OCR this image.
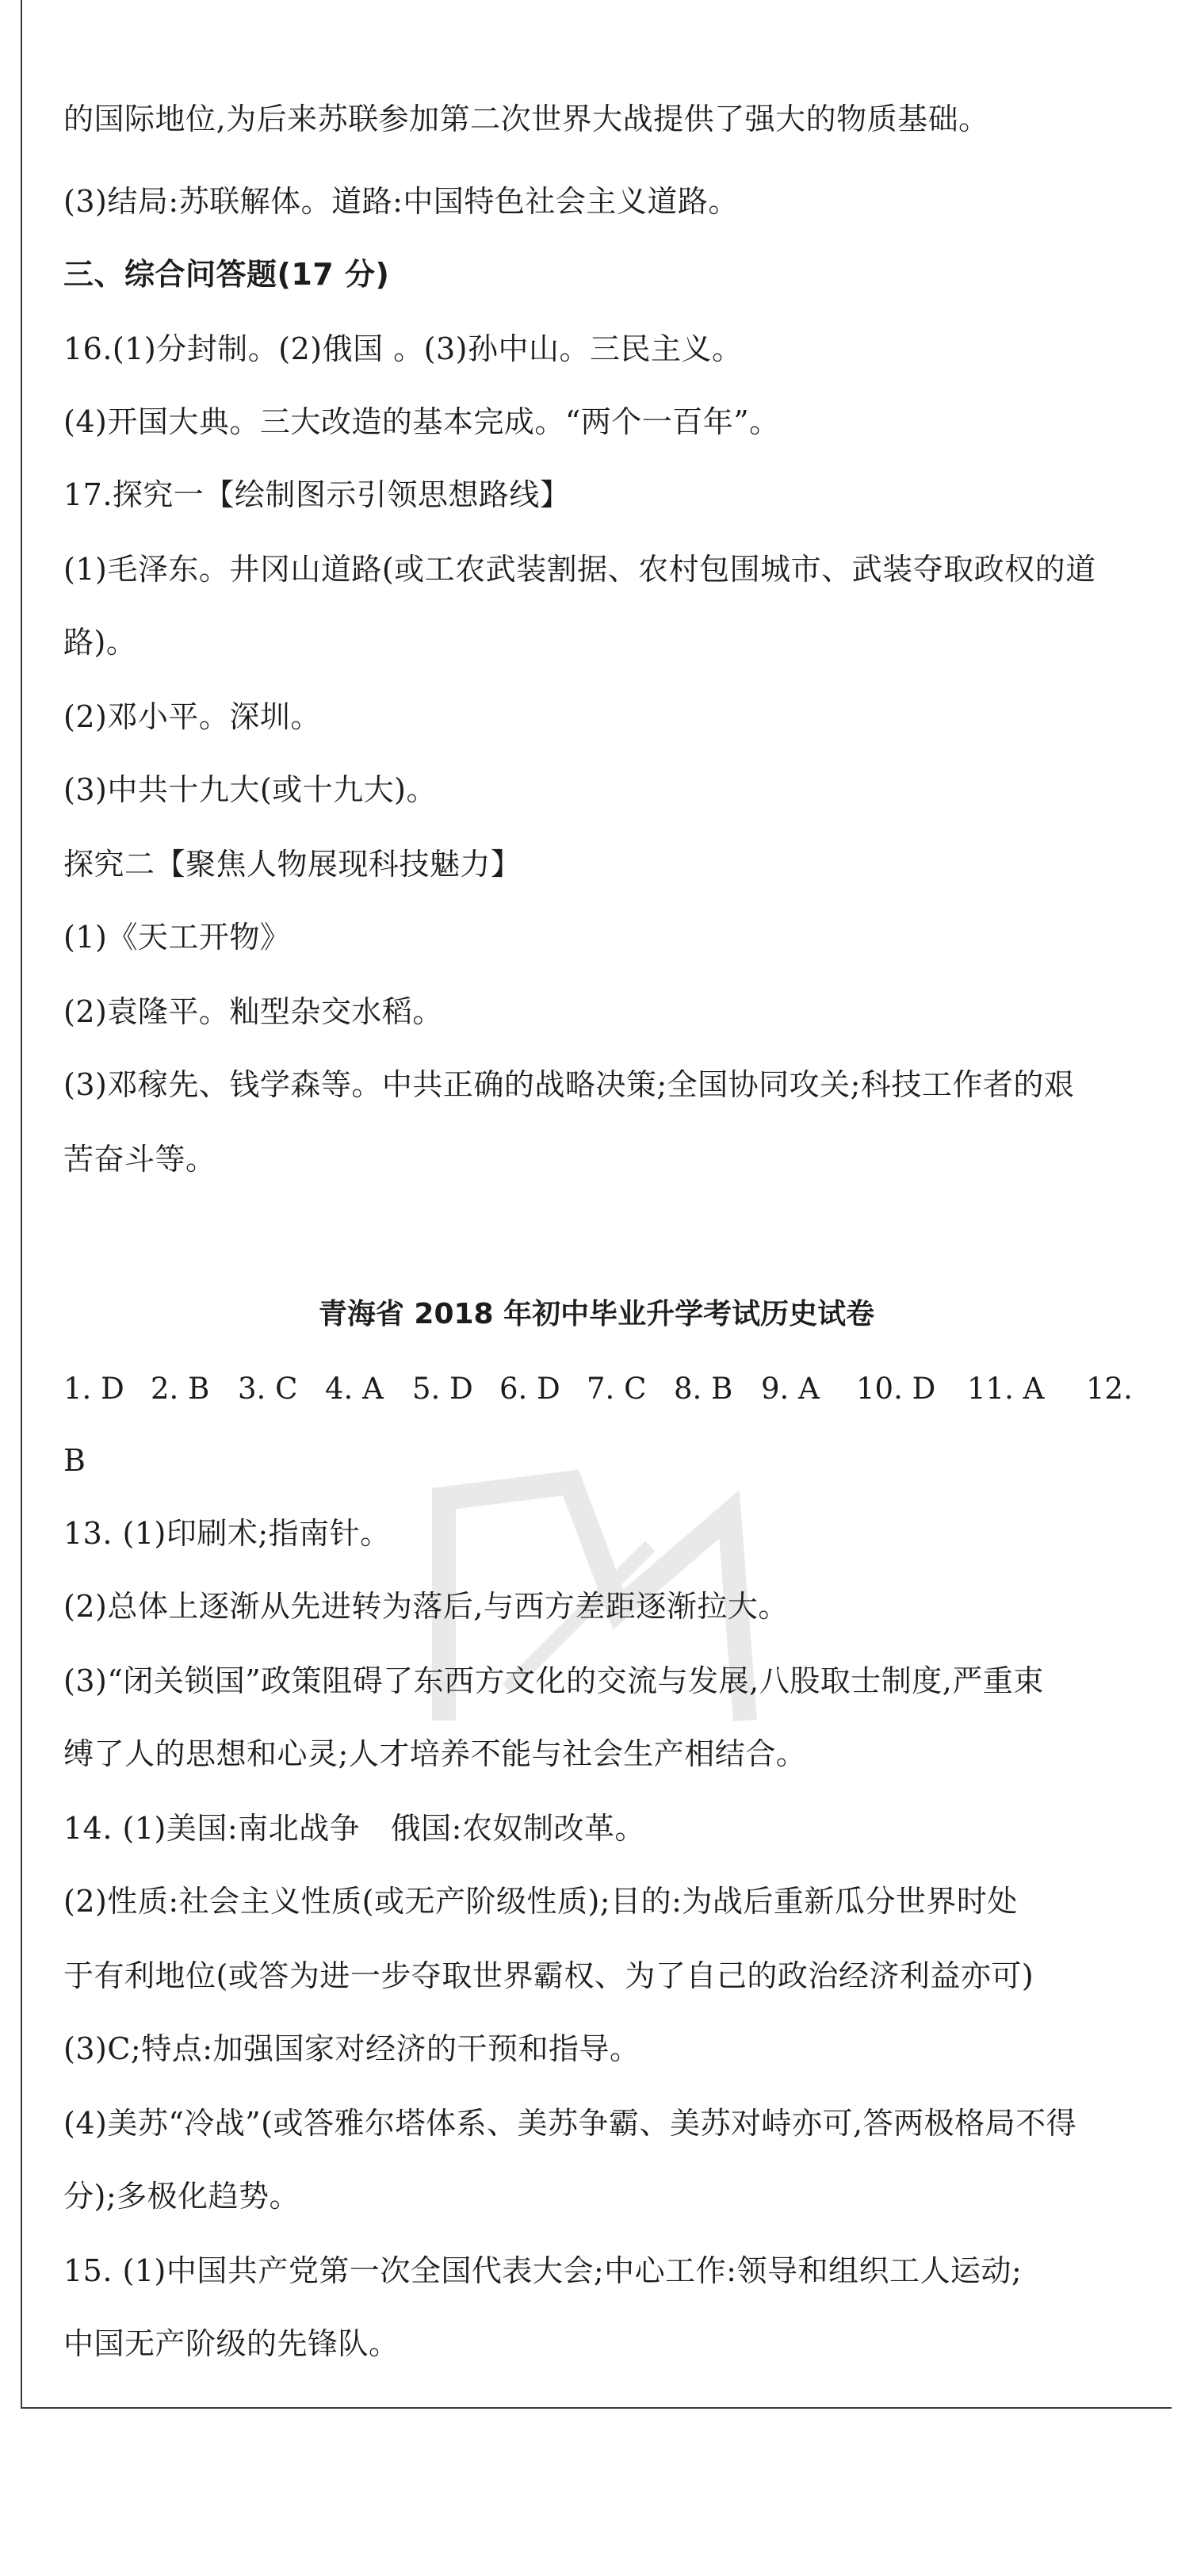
的国际地位,为后来苏联参加第二次世界大战提供了强大的物质基础。
(3)结局:苏联解体。道路:中国特色社会主义道路。
三、综合问答题(17 分)
16.(1)分封制。(2)俄国 。(3)孙中山。三民主义。
(4)开国大典。三大改造的基本完成。“两个一百年”。
17.探究一【绘制图示引领思想路线】
(1)毛泽东。井冈山道路(或工农武装割据、农村包围城市、武装夺取政权的道
路)。
(2)邓小平。深圳。
(3)中共十九大(或十九大)。
探究二【聚焦人物展现科技魅力】
(1)《天工开物》
(2)袁隆平。籼型杂交水稻。
(3)邓稼先、钱学森等。中共正确的战略决策;全国协同攻关;科技工作者的艰
苦奋斗等。
青海省 2018 年初中毕业升学考试历史试卷
1. D 2. B 3. C 4. A 5. D 6. D 7. C 8. B 9. A 10. D 11. A 12.
B
13. (1)印刷术;指南针。
(2)总体上逐渐从先进转为落后,与西方差距逐渐拉大。
(3)“闭关锁国”政策阻碍了东西方文化的交流与发展,八股取士制度,严重束
缚了人的思想和心灵;人才培养不能与社会生产相结合。
14. (1)美国:南北战争　俄国:农奴制改革。
(2)性质:社会主义性质(或无产阶级性质);目的:为战后重新瓜分世界时处
于有利地位(或答为进一步夺取世界霸权、为了自己的政治经济利益亦可)
(3)C;特点:加强国家对经济的干预和指导。
(4)美苏“冷战”(或答雅尔塔体系、美苏争霸、美苏对峙亦可,答两极格局不得
分);多极化趋势。
15. (1)中国共产党第一次全国代表大会;中心工作:领导和组织工人运动;
中国无产阶级的先锋队。
